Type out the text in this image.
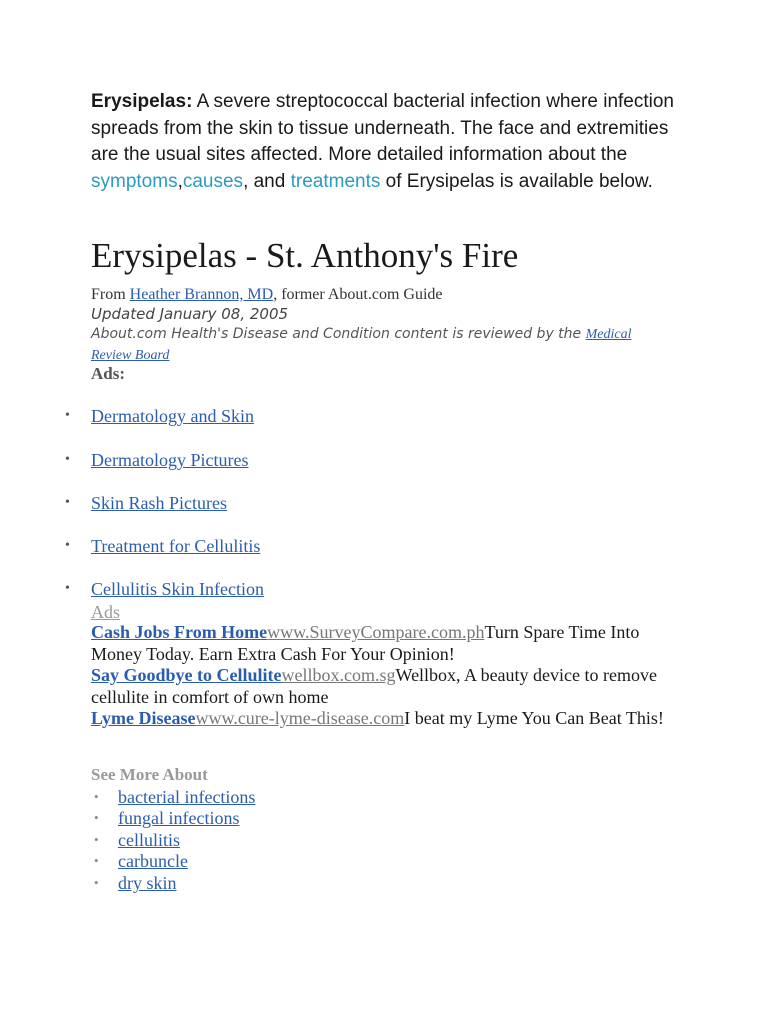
Erysipelas: A severe streptococcal bacterial infection where infection spreads from the skin to tissue underneath. The face and extremities are the usual sites affected. More detailed information about the symptoms,causes, and treatments of Erysipelas is available below.
Erysipelas - St. Anthony's Fire
From Heather Brannon, MD, former About.com Guide
Updated January 08, 2005
About.com Health's Disease and Condition content is reviewed by the Medical Review Board
Ads:
• Dermatology and Skin
• Dermatology Pictures
• Skin Rash Pictures
• Treatment for Cellulitis
• Cellulitis Skin Infection
Ads
Cash Jobs From Homewww.SurveyCompare.com.phTurn Spare Time Into Money Today. Earn Extra Cash For Your Opinion!
Say Goodbye to Cellulitewellbox.com.sgWellbox, A beauty device to remove cellulite in comfort of own home
Lyme Diseasewww.cure-lyme-disease.comI beat my Lyme You Can Beat This!
See More About
• bacterial infections
• fungal infections
• cellulitis
• carbuncle
• dry skin
